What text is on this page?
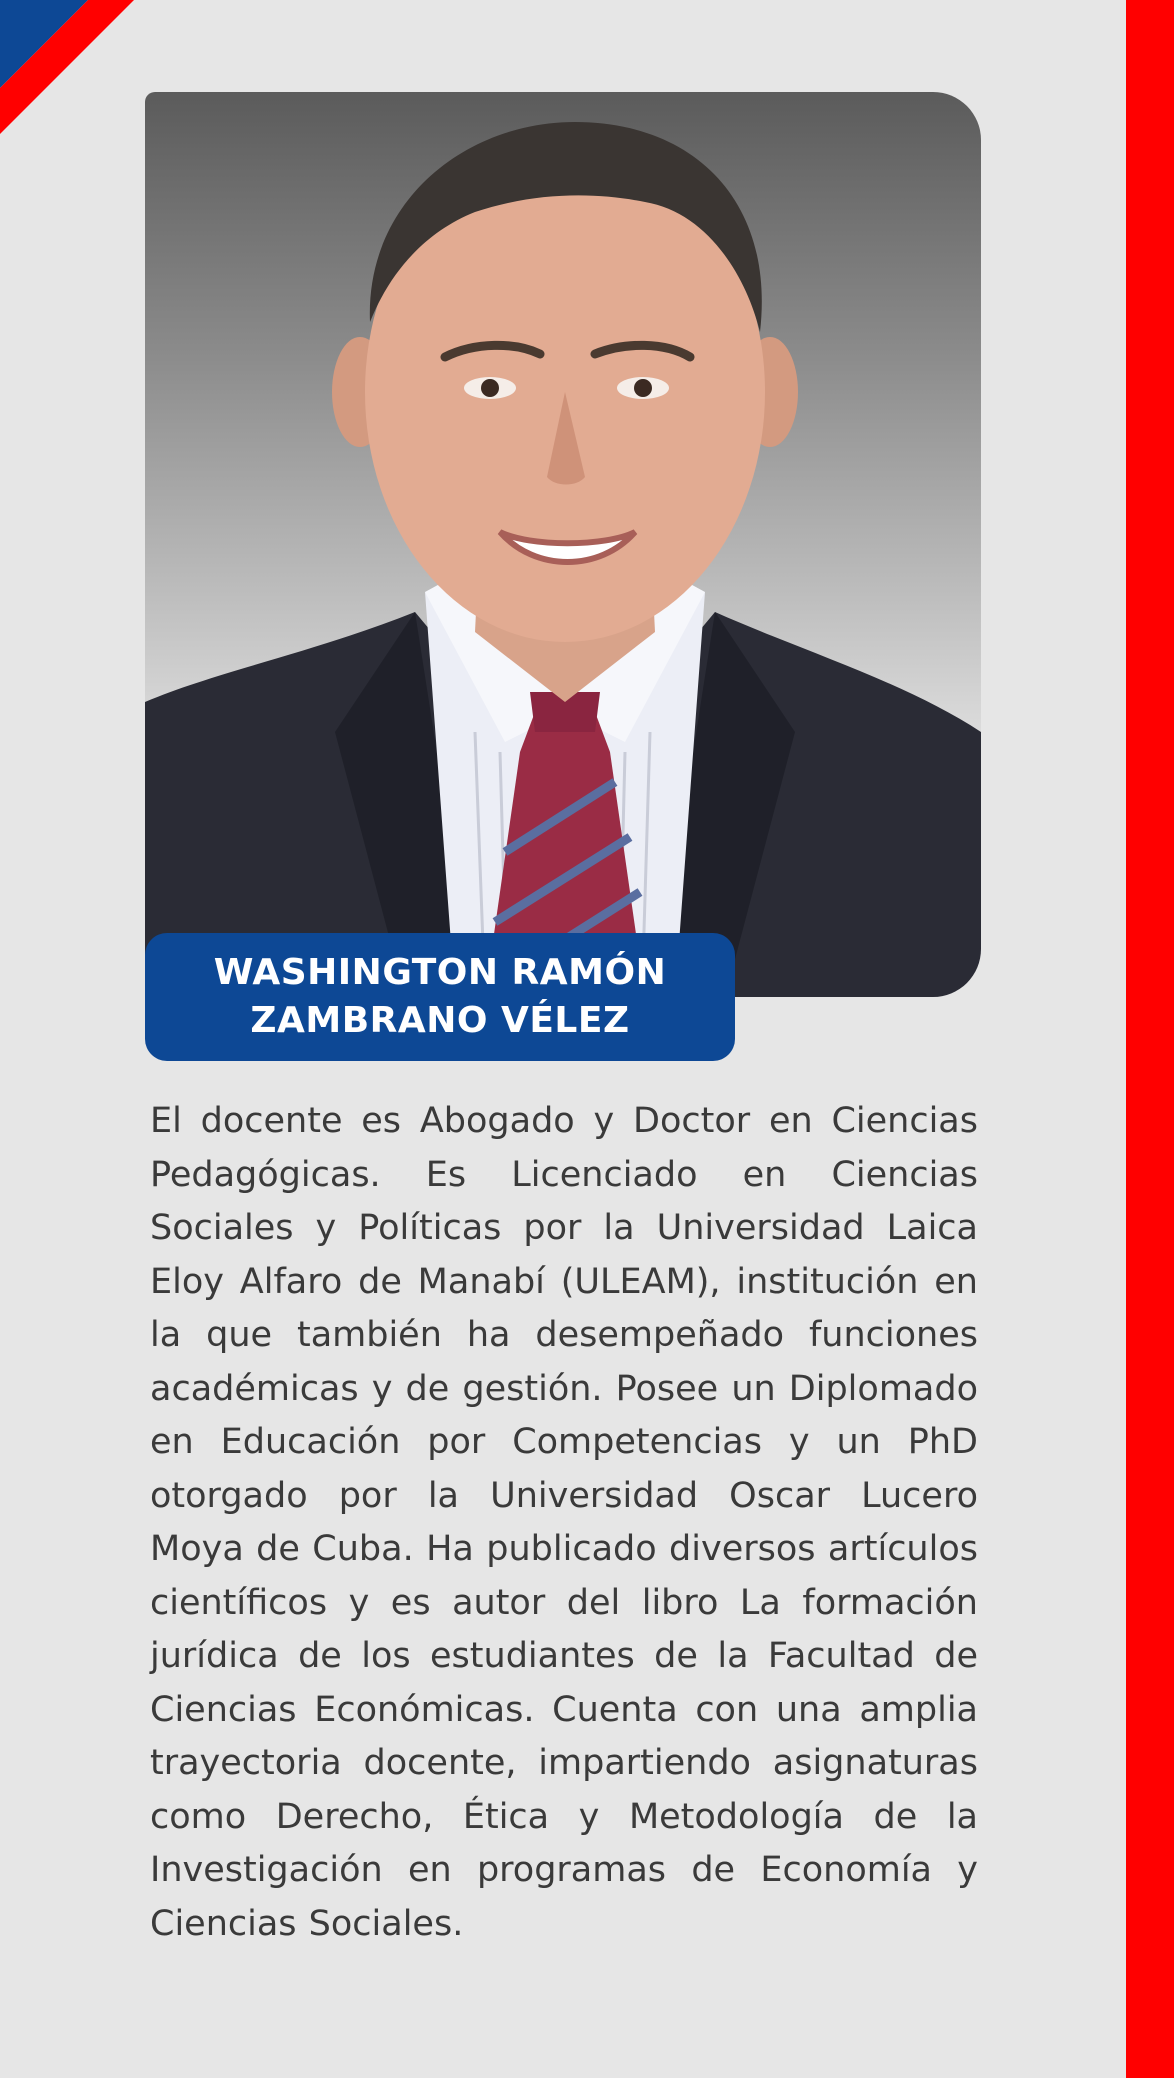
WASHINGTON RAMÓN
ZAMBRANO VÉLEZ
El docente es Abogado y Doctor en Ciencias Pedagógicas. Es Licenciado en Ciencias Sociales y Políticas por la Universidad Laica Eloy Alfaro de Manabí (ULEAM), institución en la que también ha desempeñado funciones académicas y de gestión. Posee un Diplomado en Educación por Competencias y un PhD otorgado por la Universidad Oscar Lucero Moya de Cuba. Ha publicado diversos artículos científicos y es autor del libro La formación jurídica de los estudiantes de la Facultad de Ciencias Económicas. Cuenta con una amplia trayectoria docente, impartiendo asignaturas como Derecho, Ética y Metodología de la Investigación en programas de Economía y Ciencias Sociales.
